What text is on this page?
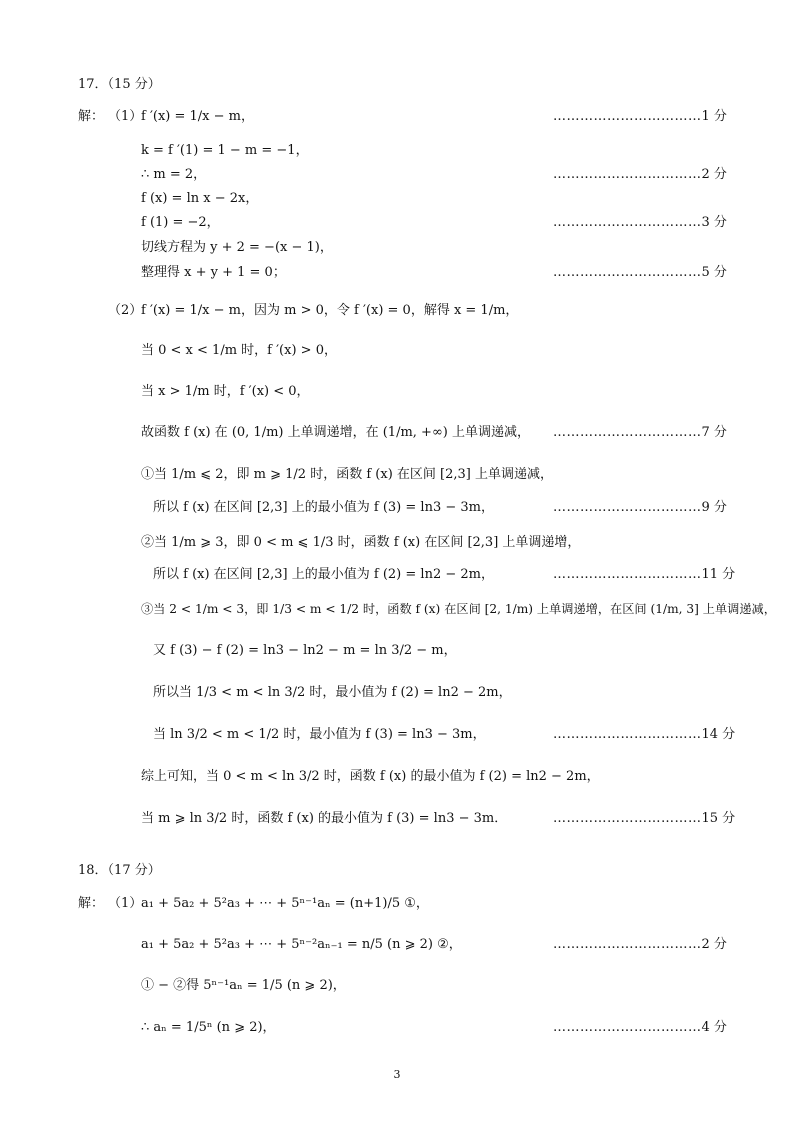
17．（15 分）
解： （1）
f ′(x) = 1/x − m，	……………………………1 分
k = f ′(1) = 1 − m = −1，
∴ m = 2，	……………………………2 分
f (x) = ln x − 2x，
f (1) = −2，	……………………………3 分
切线方程为 y + 2 = −(x − 1)，
整理得 x + y + 1 = 0；	……………………………5 分
（2）
f ′(x) = 1/x − m，因为 m > 0，令 f ′(x) = 0，解得 x = 1/m，
当 0 < x < 1/m 时，f ′(x) > 0，
当 x > 1/m 时，f ′(x) < 0，
故函数 f (x) 在 (0, 1/m) 上单调递增，在 (1/m, +∞) 上单调递减， ……………………………7 分
①当 1/m ⩽ 2，即 m ⩾ 1/2 时，函数 f (x) 在区间 [2,3] 上单调递减，
所以 f (x) 在区间 [2,3] 上的最小值为 f (3) = ln3 − 3m，	……………………………9 分
②当 1/m ⩾ 3，即 0 < m ⩽ 1/3 时，函数 f (x) 在区间 [2,3] 上单调递增，
所以 f (x) 在区间 [2,3] 上的最小值为 f (2) = ln2 − 2m，	……………………………11 分
③当 2 < 1/m < 3，即 1/3 < m < 1/2 时，函数 f (x) 在区间 [2, 1/m) 上单调递增，在区间 (1/m, 3] 上单调递减，
又 f (3) − f (2) = ln3 − ln2 − m = ln 3/2 − m，
所以当 1/3 < m < ln 3/2 时，最小值为 f (2) = ln2 − 2m，
当 ln 3/2 < m < 1/2 时，最小值为 f (3) = ln3 − 3m，	……………………………14 分
综上可知，当 0 < m < ln 3/2 时，函数 f (x) 的最小值为 f (2) = ln2 − 2m，
当 m ⩾ ln 3/2 时，函数 f (x) 的最小值为 f (3) = ln3 − 3m．	……………………………15 分
18．（17 分）
解： （1）
a₁ + 5a₂ + 5²a₃ + ⋯ + 5ⁿ⁻¹aₙ = (n+1)/5 ①，
a₁ + 5a₂ + 5²a₃ + ⋯ + 5ⁿ⁻²aₙ₋₁ = n/5 (n ⩾ 2) ②，	……………………………2 分
① − ②得 5ⁿ⁻¹aₙ = 1/5 (n ⩾ 2)，
∴ aₙ = 1/5ⁿ (n ⩾ 2)，	……………………………4 分
3
